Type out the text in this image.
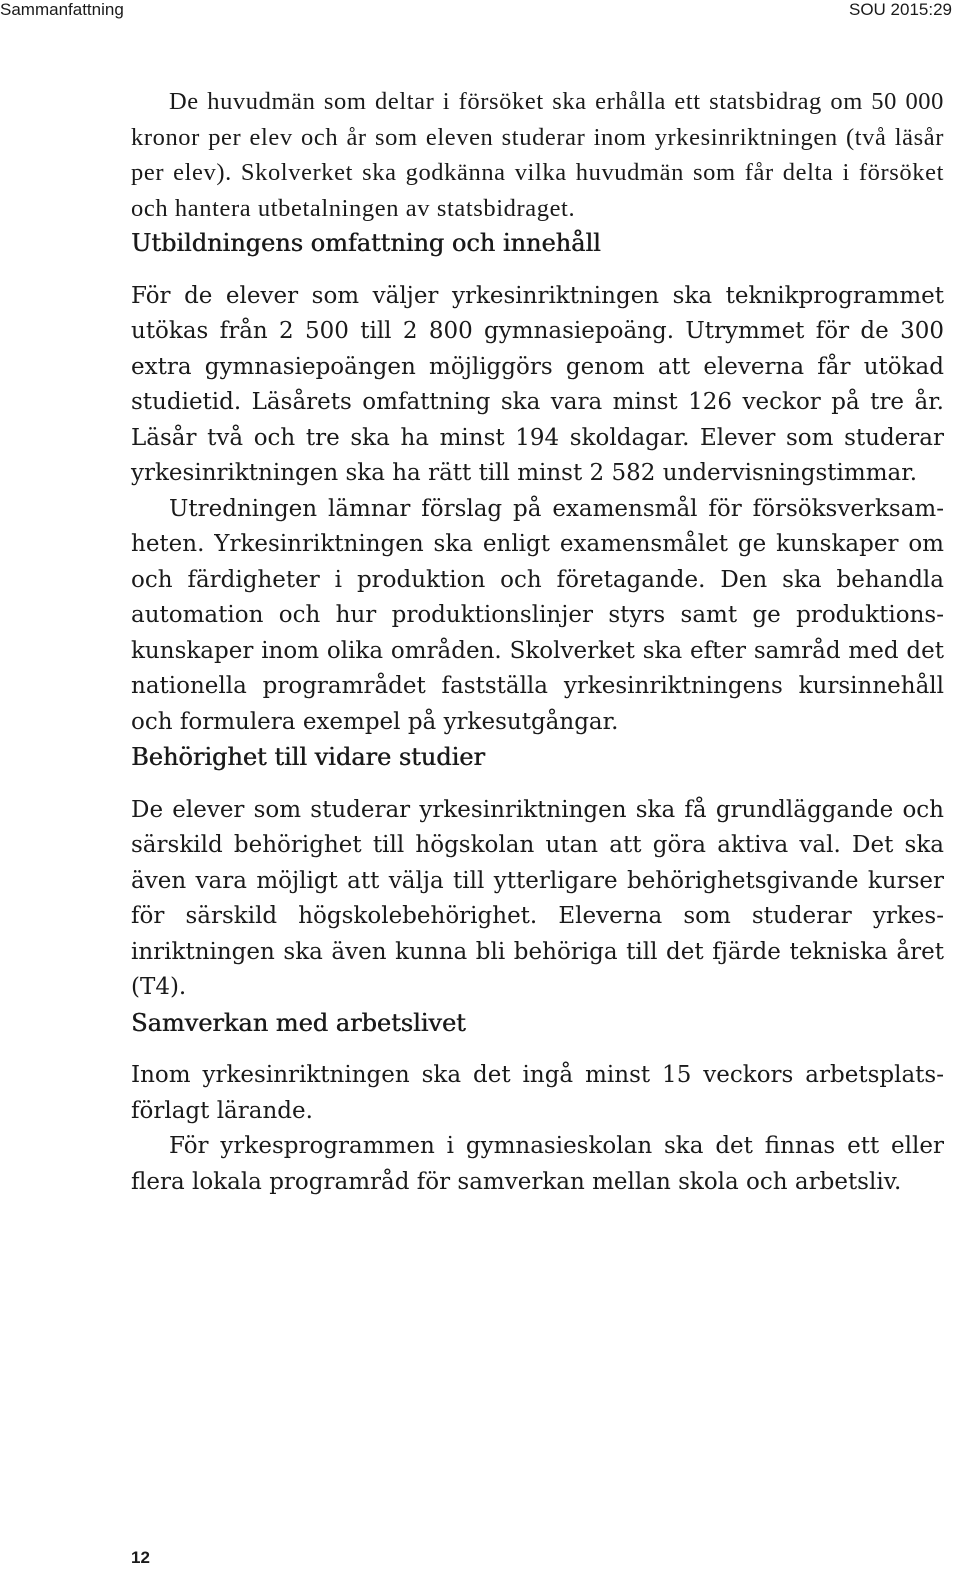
Sammanfattning	SOU 2015:29

De huvudmän som deltar i försöket ska erhålla ett statsbidrag om 50 000 kronor per elev och år som eleven studerar inom yrkesinriktningen (två läsår per elev). Skolverket ska godkänna vilka huvudmän som får delta i försöket och hantera utbetalningen av statsbidraget.

Utbildningens omfattning och innehåll

För de elever som väljer yrkesinriktningen ska teknikprogrammet utökas från 2 500 till 2 800 gymnasiepoäng. Utrymmet för de 300 extra gymnasiepoängen möjliggörs genom att eleverna får utökad studietid. Läsårets omfattning ska vara minst 126 veckor på tre år. Läsår två och tre ska ha minst 194 skoldagar. Elever som studerar yrkesinriktningen ska ha rätt till minst 2 582 undervisningstimmar.

Utredningen lämnar förslag på examensmål för försöksverksamheten. Yrkesinriktningen ska enligt examensmålet ge kunskaper om och färdigheter i produktion och företagande. Den ska behandla automation och hur produktionslinjer styrs samt ge produktionskunskaper inom olika områden. Skolverket ska efter samråd med det nationella programrådet fastställa yrkesinriktningens kursinnehåll och formulera exempel på yrkesutgångar.

Behörighet till vidare studier

De elever som studerar yrkesinriktningen ska få grundläggande och särskild behörighet till högskolan utan att göra aktiva val. Det ska även vara möjligt att välja till ytterligare behörighetsgivande kurser för särskild högskolebehörighet. Eleverna som studerar yrkesinriktningen ska även kunna bli behöriga till det fjärde tekniska året (T4).

Samverkan med arbetslivet

Inom yrkesinriktningen ska det ingå minst 15 veckors arbetsplatsförlagt lärande.

För yrkesprogrammen i gymnasieskolan ska det finnas ett eller flera lokala programråd för samverkan mellan skola och arbetsliv.

12
